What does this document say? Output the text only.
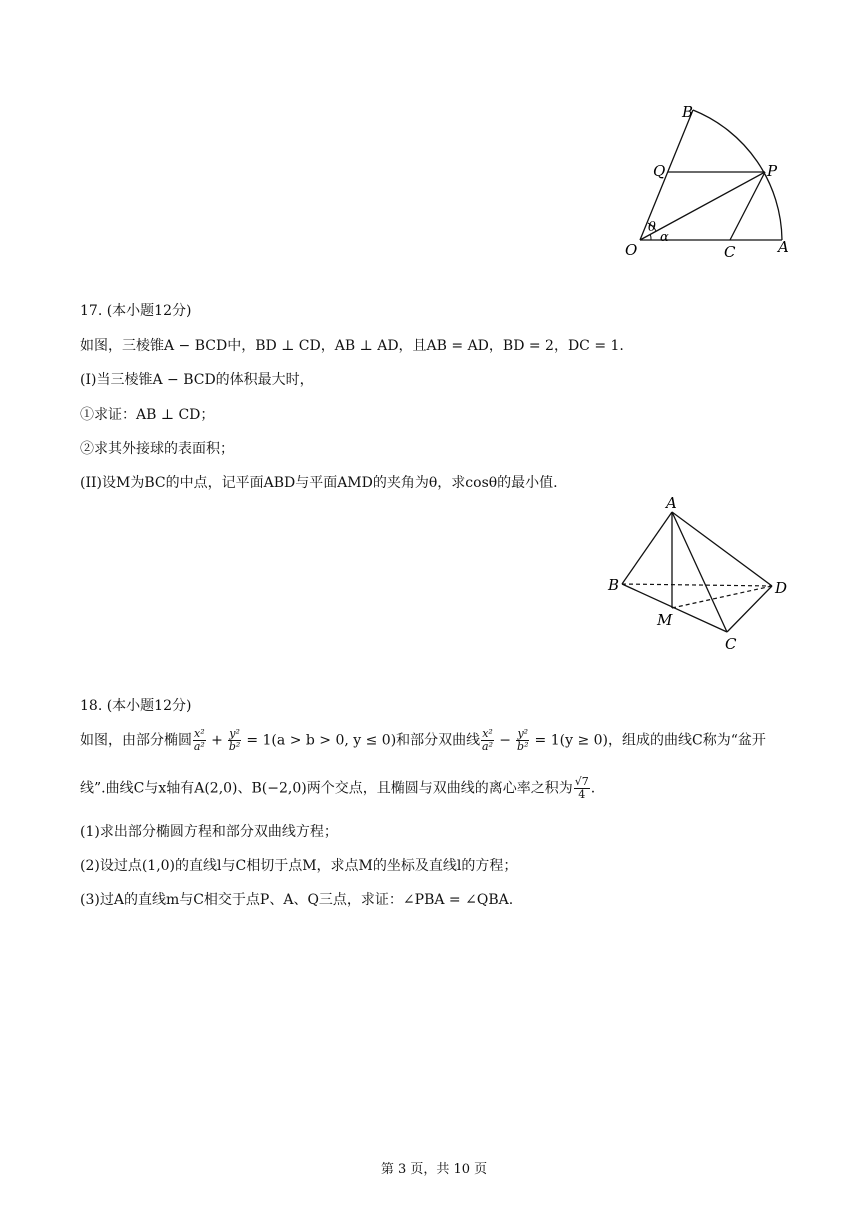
B
Q	P
θ
O
α
C	A
17. (本小题12分)
如图，三棱锥A − BCD中，BD ⊥ CD，AB ⊥ AD，且AB = AD，BD = 2，DC = 1.
(I)当三棱锥A − BCD的体积最大时，
①求证：AB ⊥ CD；
②求其外接球的表面积；
(II)设M为BC的中点，记平面ABD与平面AMD的夹角为θ，求cosθ的最小值.
A
B	D
M
C
18. (本小题12分)
如图，由部分椭圆 $\frac{\text{x²}}{\text{a²}} + \frac{\text{y²}}{\text{b²}} = 1(a > b > 0$, y ≤ 0)和部分双曲线 $\frac{\text{x²}}{\text{a²}} - \frac{\text{y²}}{\text{b²}} = 1(y \ge 0)$，组成的曲线C称为“盆开
线”.曲线C与x轴有A(2,0)、B(−2,0)两个交点，且椭圆与双曲线的离心率之积为 $\frac{√7}{4}$ .
(1)求出部分椭圆方程和部分双曲线方程；
(2)设过点(1,0)的直线l与C相切于点M，求点M的坐标及直线l的方程；
(3)过A的直线m与C相交于点P、A、Q三点，求证：∠PBA = ∠QBA.
第 3 页，共 10 页
